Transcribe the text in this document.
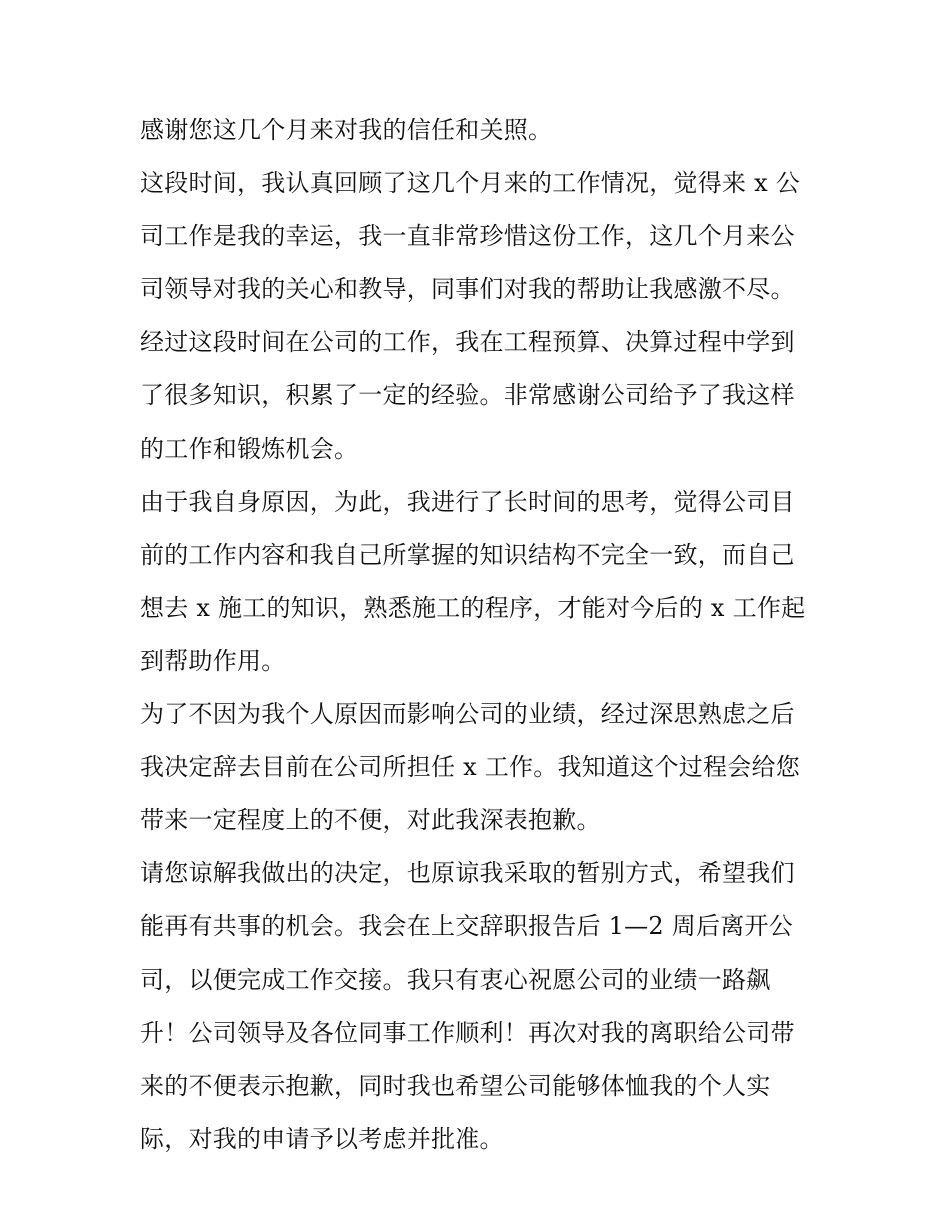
感谢您这几个月来对我的信任和关照。
这段时间，我认真回顾了这几个月来的工作情况，觉得来 x 公
司工作是我的幸运，我一直非常珍惜这份工作，这几个月来公
司领导对我的关心和教导，同事们对我的帮助让我感激不尽。
经过这段时间在公司的工作，我在工程预算、决算过程中学到
了很多知识，积累了一定的经验。非常感谢公司给予了我这样
的工作和锻炼机会。
由于我自身原因，为此，我进行了长时间的思考，觉得公司目
前的工作内容和我自己所掌握的知识结构不完全一致，而自己
想去 x 施工的知识，熟悉施工的程序，才能对今后的 x 工作起
到帮助作用。
为了不因为我个人原因而影响公司的业绩，经过深思熟虑之后
我决定辞去目前在公司所担任 x 工作。我知道这个过程会给您
带来一定程度上的不便，对此我深表抱歉。
请您谅解我做出的决定，也原谅我采取的暂别方式，希望我们
能再有共事的机会。我会在上交辞职报告后 1—2 周后离开公
司，以便完成工作交接。我只有衷心祝愿公司的业绩一路飙
升！公司领导及各位同事工作顺利！再次对我的离职给公司带
来的不便表示抱歉，同时我也希望公司能够体恤我的个人实
际，对我的申请予以考虑并批准。
